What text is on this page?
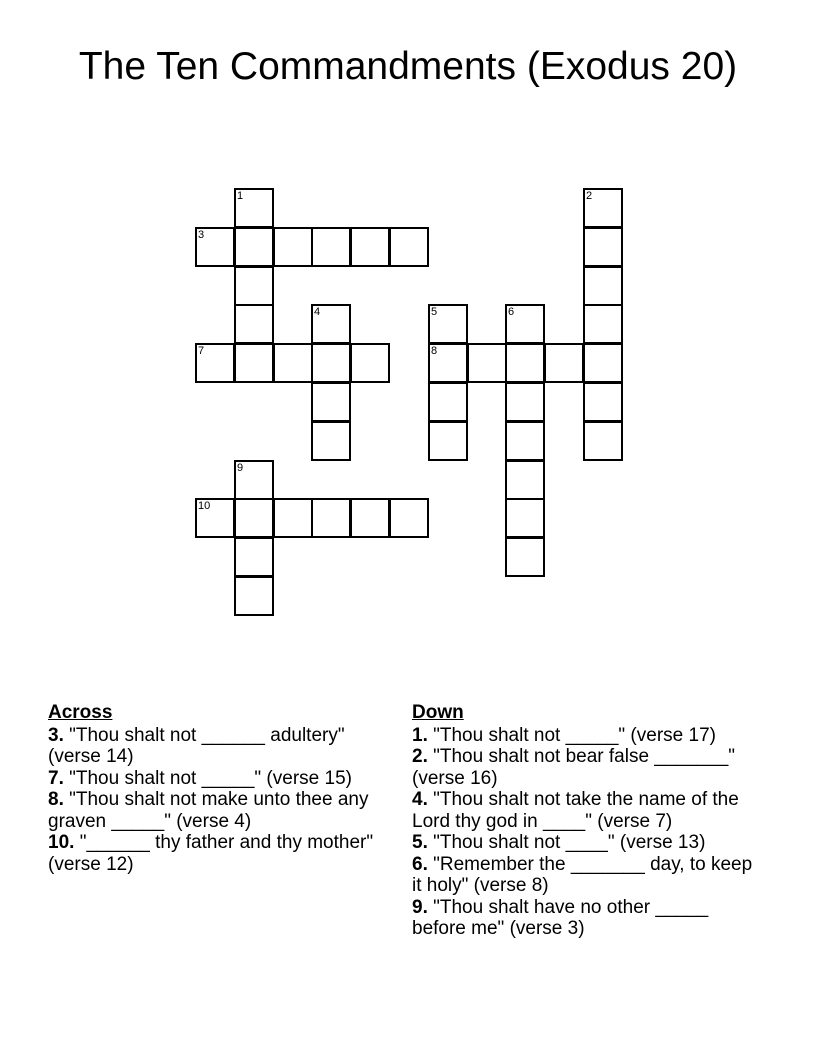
The Ten Commandments (Exodus 20)
1	2
3
4	5	6
7	8
9
10
Across
3. "Thou shalt not ______ adultery" (verse 14)
7. "Thou shalt not _____" (verse 15)
8. "Thou shalt not make unto thee any graven _____" (verse 4)
10. "______ thy father and thy mother" (verse 12)
Down
1. "Thou shalt not _____" (verse 17)
2. "Thou shalt not bear false _______" (verse 16)
4. "Thou shalt not take the name of the Lord thy god in ____" (verse 7)
5. "Thou shalt not ____" (verse 13)
6. "Remember the _______ day, to keep it holy" (verse 8)
9. "Thou shalt have no other _____ before me" (verse 3)
